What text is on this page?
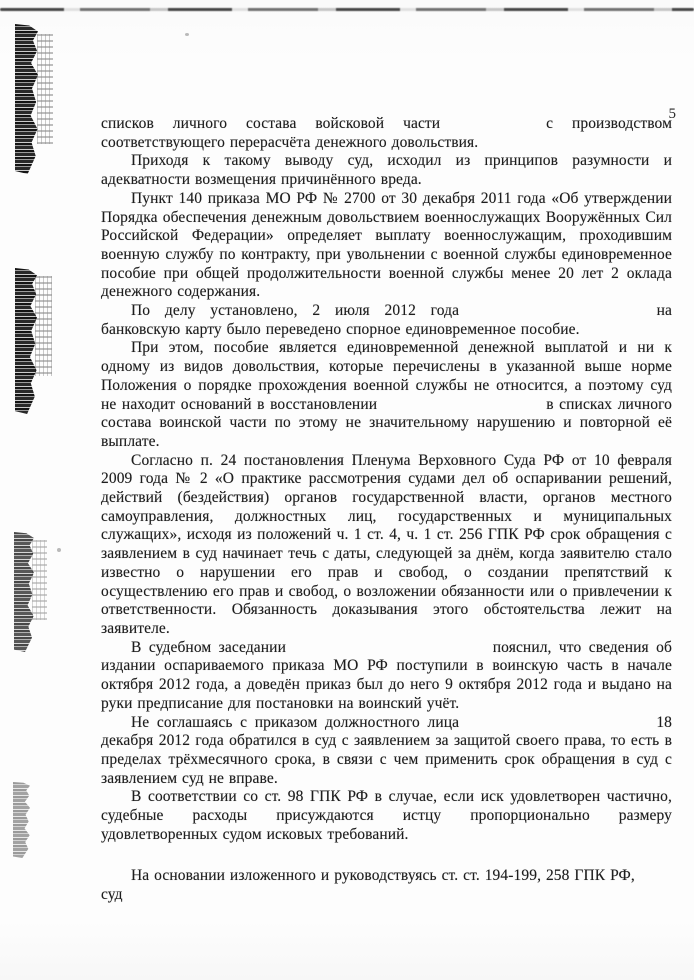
5

списков личного состава войсковой части	с производством соответствующего перерасчёта денежного довольствия.

Приходя к такому выводу суд, исходил из принципов разумности и адекватности возмещения причинённого вреда.

Пункт 140 приказа МО РФ № 2700 от 30 декабря 2011 года «Об утверждении Порядка обеспечения денежным довольствием военнослужащих Вооружённых Сил Российской Федерации» определяет выплату военнослужащим, проходившим военную службу по контракту, при увольнении с военной службы единовременное пособие при общей продолжительности военной службы менее 20 лет 2 оклада денежного содержания.

По делу установлено, 2 июля 2012 года	на банковскую карту было переведено спорное единовременное пособие.

При этом, пособие является единовременной денежной выплатой и ни к одному из видов довольствия, которые перечислены в указанной выше норме Положения о порядке прохождения военной службы не относится, а поэтому суд не находит оснований в восстановлении	в списках личного состава воинской части по этому не значительному нарушению и повторной её выплате.

Согласно п. 24 постановления Пленума Верховного Суда РФ от 10 февраля 2009 года № 2 «О практике рассмотрения судами дел об оспаривании решений, действий (бездействия) органов государственной власти, органов местного самоуправления, должностных лиц, государственных и муниципальных служащих», исходя из положений ч. 1 ст. 4, ч. 1 ст. 256 ГПК РФ срок обращения с заявлением в суд начинает течь с даты, следующей за днём, когда заявителю стало известно о нарушении его прав и свобод, о создании препятствий к осуществлению его прав и свобод, о возложении обязанности или о привлечении к ответственности. Обязанность доказывания этого обстоятельства лежит на заявителе.

В судебном заседании	пояснил, что сведения об издании оспариваемого приказа МО РФ поступили в воинскую часть в начале октября 2012 года, а доведён приказ был до него 9 октября 2012 года и выдано на руки предписание для постановки на воинский учёт.

Не соглашаясь с приказом должностного лица	18 декабря 2012 года обратился в суд с заявлением за защитой своего права, то есть в пределах трёхмесячного срока, в связи с чем применить срок обращения в суд с заявлением суд не вправе.

В соответствии со ст. 98 ГПК РФ в случае, если иск удовлетворен частично, судебные расходы присуждаются истцу пропорционально размеру удовлетворенных судом исковых требований.

На основании изложенного и руководствуясь ст. ст. 194-199, 258 ГПК РФ,
суд
